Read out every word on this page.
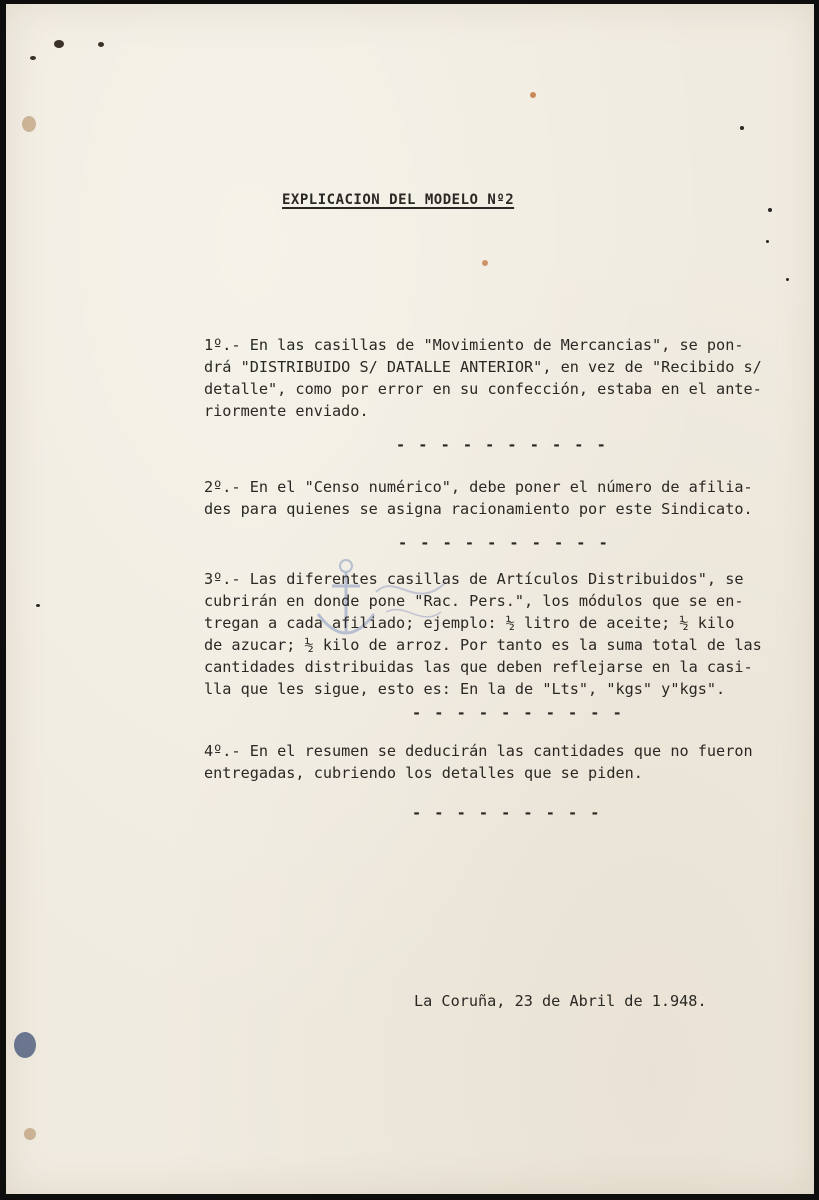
EXPLICACION DEL MODELO Nº2

1º.- En las casillas de "Movimiento de Mercancias", se pon-
drá "DISTRIBUIDO S/ DATALLE ANTERIOR", en vez de "Recibido s/
detalle", como por error en su confección, estaba en el ante-
riormente enviado.

- - - - - - - - - -

2º.- En el "Censo numérico", debe poner el número de afilia-
des para quienes se asigna racionamiento por este Sindicato.

- - - - - - - - - -

3º.- Las diferentes casillas de Artículos Distribuidos", se
cubrirán en donde pone "Rac. Pers.", los módulos que se en-
tregan a cada afiliado; ejemplo: ½ litro de aceite; ½ kilo
de azucar; ½ kilo de arroz. Por tanto es la suma total de las
cantidades distribuidas las que deben reflejarse en la casi-
lla que les sigue, esto es: En la de "Lts", "kgs" y"kgs".

- - - - - - - - - -

4º.- En el resumen se deducirán las cantidades que no fueron
entregadas, cubriendo los detalles que se piden.

- - - - - - - - -

La Coruña, 23 de Abril de 1.948.
